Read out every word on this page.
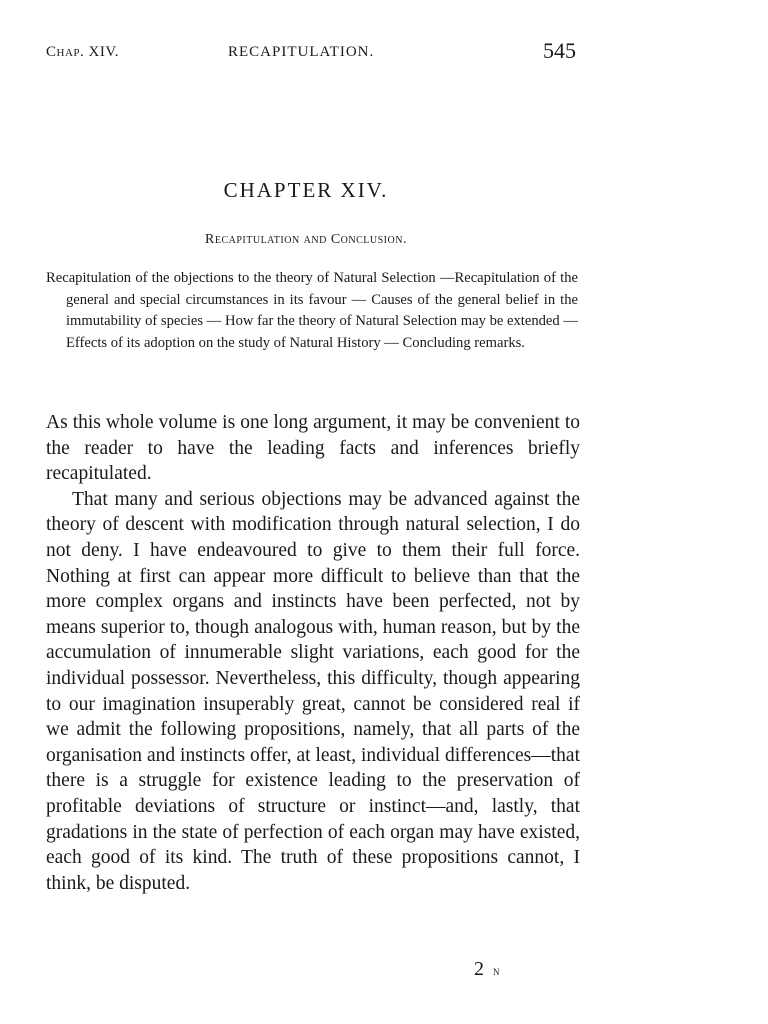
Chap. XIV.	RECAPITULATION.	545
CHAPTER XIV.
Recapitulation and Conclusion.

Recapitulation of the objections to the theory of Natural Selection —Recapitulation of the general and special circumstances in its favour — Causes of the general belief in the immutability of species — How far the theory of Natural Selection may be extended — Effects of its adoption on the study of Natural History — Concluding remarks.

As this whole volume is one long argument, it may be convenient to the reader to have the leading facts and inferences briefly recapitulated.

That many and serious objections may be advanced against the theory of descent with modification through natural selection, I do not deny. I have endeavoured to give to them their full force. Nothing at first can appear more difficult to believe than that the more complex organs and instincts have been perfected, not by means superior to, though analogous with, human reason, but by the accumulation of innumerable slight variations, each good for the individual possessor. Nevertheless, this difficulty, though appearing to our imagination insuperably great, cannot be considered real if we admit the following propositions, namely, that all parts of the organisation and instincts offer, at least, individual differences—that there is a struggle for existence leading to the preservation of profitable deviations of structure or instinct—and, lastly, that gradations in the state of perfection of each organ may have existed, each good of its kind. The truth of these propositions cannot, I think, be disputed.

2 n
